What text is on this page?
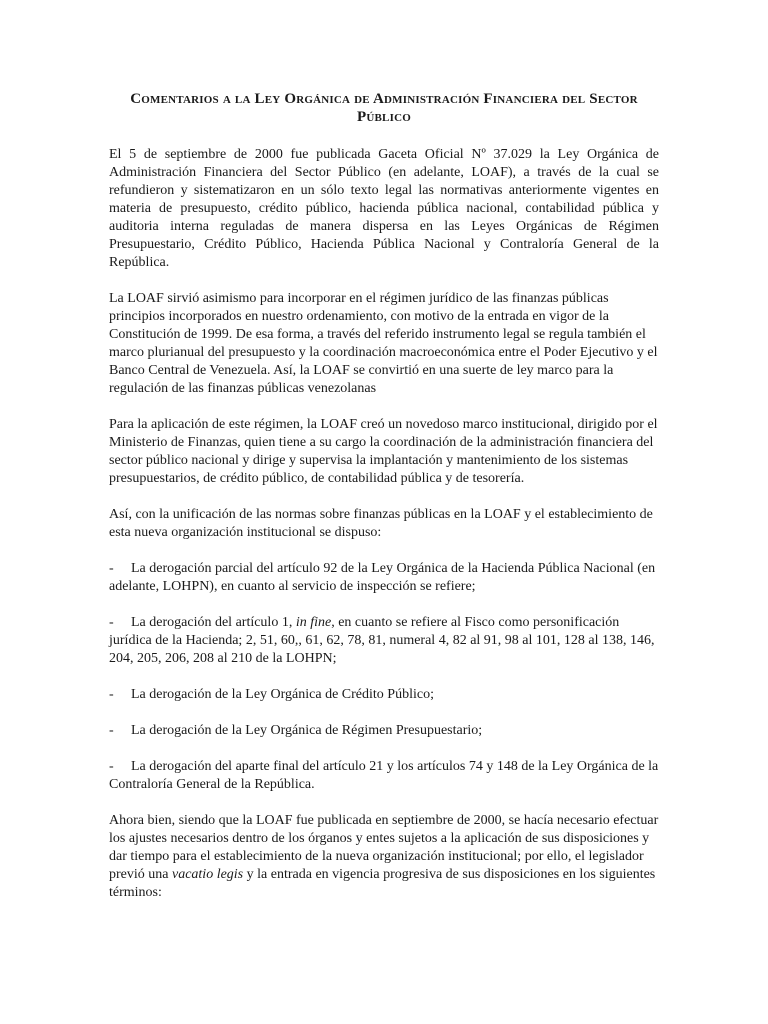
Comentarios a la Ley Orgánica de Administración Financiera del Sector Público

El 5 de septiembre de 2000 fue publicada Gaceta Oficial Nº 37.029 la Ley Orgánica de Administración Financiera del Sector Público (en adelante, LOAF), a través de la cual se refundieron y sistematizaron en un sólo texto legal las normativas anteriormente vigentes en materia de presupuesto, crédito público, hacienda pública nacional, contabilidad pública y auditoria interna reguladas de manera dispersa en las Leyes Orgánicas de Régimen Presupuestario, Crédito Público, Hacienda Pública Nacional y Contraloría General de la República.

La LOAF sirvió asimismo para incorporar en el régimen jurídico de las finanzas públicas principios incorporados en nuestro ordenamiento, con motivo de la entrada en vigor de la Constitución de 1999. De esa forma, a través del referido instrumento legal se regula también el marco plurianual del presupuesto y la coordinación macroeconómica entre el Poder Ejecutivo y el Banco Central de Venezuela. Así, la LOAF se convirtió en una suerte de ley marco para la regulación de las finanzas públicas venezolanas

Para la aplicación de este régimen, la LOAF creó un novedoso marco institucional, dirigido por el Ministerio de Finanzas, quien tiene a su cargo la coordinación de la administración financiera del sector público nacional y dirige y supervisa la implantación y mantenimiento de los sistemas presupuestarios, de crédito público, de contabilidad pública y de tesorería.

Así, con la unificación de las normas sobre finanzas públicas en la LOAF y el establecimiento de esta nueva organización institucional se dispuso:

- La derogación parcial del artículo 92 de la Ley Orgánica de la Hacienda Pública Nacional (en adelante, LOHPN), en cuanto al servicio de inspección se refiere;

- La derogación del artículo 1, in fine, en cuanto se refiere al Fisco como personificación jurídica de la Hacienda; 2, 51, 60,, 61, 62, 78, 81, numeral 4, 82 al 91, 98 al 101, 128 al 138, 146, 204, 205, 206, 208 al 210 de la LOHPN;

- La derogación de la Ley Orgánica de Crédito Público;

- La derogación de la Ley Orgánica de Régimen Presupuestario;

- La derogación del aparte final del artículo 21 y los artículos 74 y 148 de la Ley Orgánica de la Contraloría General de la República.

Ahora bien, siendo que la LOAF fue publicada en septiembre de 2000, se hacía necesario efectuar los ajustes necesarios dentro de los órganos y entes sujetos a la aplicación de sus disposiciones y dar tiempo para el establecimiento de la nueva organización institucional; por ello, el legislador previó una vacatio legis y la entrada en vigencia progresiva de sus disposiciones en los siguientes términos:
